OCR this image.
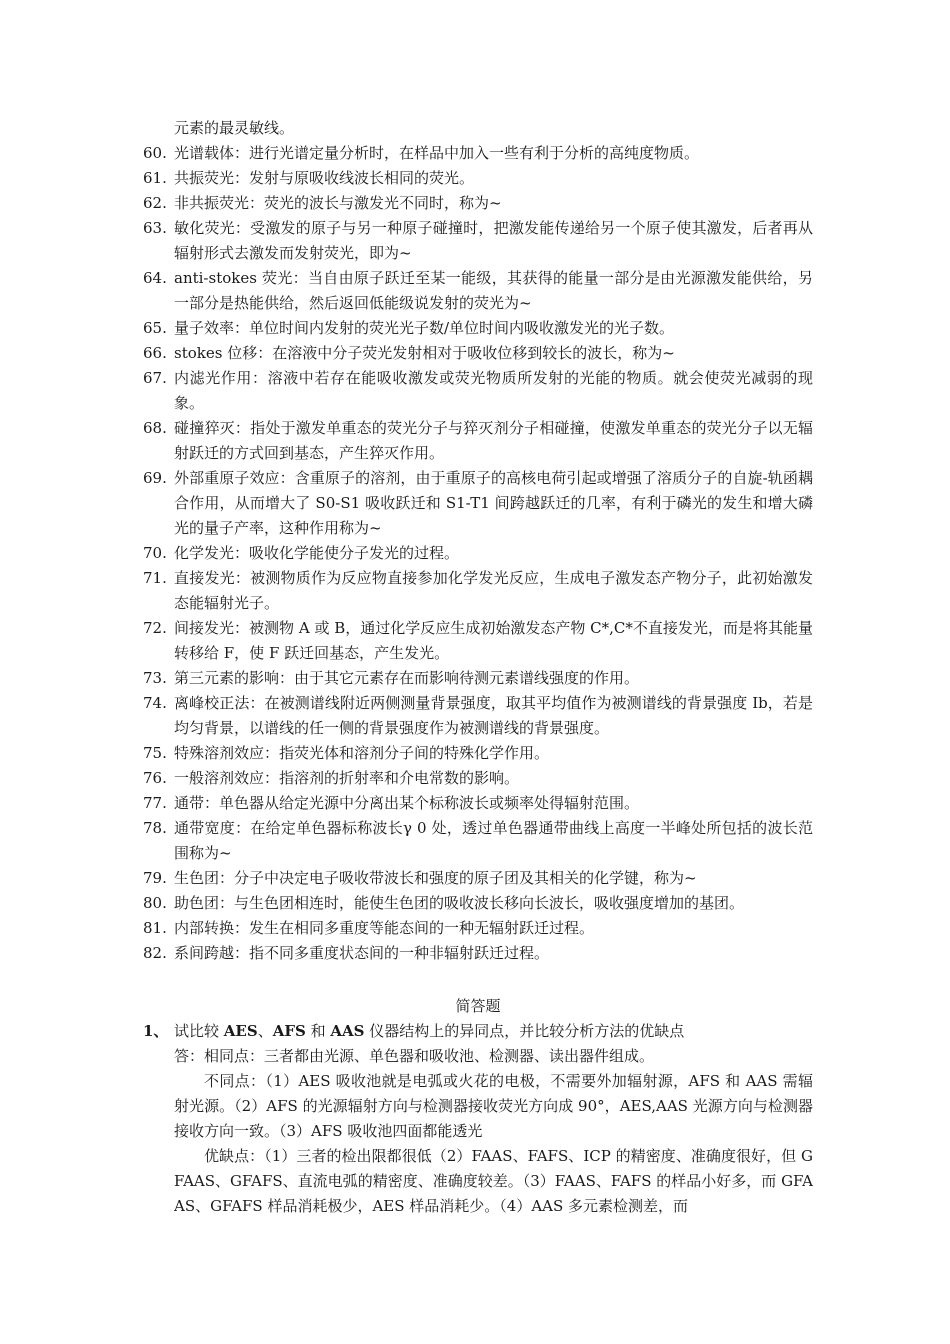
元素的最灵敏线。

60. 光谱载体：进行光谱定量分析时，在样品中加入一些有利于分析的高纯度物质。
61. 共振荧光：发射与原吸收线波长相同的荧光。
62. 非共振荧光：荧光的波长与激发光不同时，称为~
63. 敏化荧光：受激发的原子与另一种原子碰撞时，把激发能传递给另一个原子使其激发，后者再从辐射形式去激发而发射荧光，即为~
64. anti-stokes 荧光：当自由原子跃迁至某一能级，其获得的能量一部分是由光源激发能供给，另一部分是热能供给，然后返回低能级说发射的荧光为~
65. 量子效率：单位时间内发射的荧光光子数/单位时间内吸收激发光的光子数。
66. stokes 位移：在溶液中分子荧光发射相对于吸收位移到较长的波长，称为~
67. 内滤光作用：溶液中若存在能吸收激发或荧光物质所发射的光能的物质。就会使荧光减弱的现象。
68. 碰撞猝灭：指处于激发单重态的荧光分子与猝灭剂分子相碰撞，使激发单重态的荧光分子以无辐射跃迁的方式回到基态，产生猝灭作用。
69. 外部重原子效应：含重原子的溶剂，由于重原子的高核电荷引起或增强了溶质分子的自旋-轨函耦合作用，从而增大了 S0-S1 吸收跃迁和 S1-T1 间跨越跃迁的几率，有利于磷光的发生和增大磷光的量子产率，这种作用称为~
70. 化学发光：吸收化学能使分子发光的过程。
71. 直接发光：被测物质作为反应物直接参加化学发光反应，生成电子激发态产物分子，此初始激发态能辐射光子。
72. 间接发光：被测物 A 或 B，通过化学反应生成初始激发态产物 C*,C*不直接发光，而是将其能量转移给 F，使 F 跃迁回基态，产生发光。
73. 第三元素的影响：由于其它元素存在而影响待测元素谱线强度的作用。
74. 离峰校正法：在被测谱线附近两侧测量背景强度，取其平均值作为被测谱线的背景强度 Ib，若是均匀背景，以谱线的任一侧的背景强度作为被测谱线的背景强度。
75. 特殊溶剂效应：指荧光体和溶剂分子间的特殊化学作用。
76. 一般溶剂效应：指溶剂的折射率和介电常数的影响。
77. 通带：单色器从给定光源中分离出某个标称波长或频率处得辐射范围。
78. 通带宽度：在给定单色器标称波长γ 0 处，透过单色器通带曲线上高度一半峰处所包括的波长范围称为~
79. 生色团：分子中决定电子吸收带波长和强度的原子团及其相关的化学键，称为~
80. 助色团：与生色团相连时，能使生色团的吸收波长移向长波长，吸收强度增加的基团。
81. 内部转换：发生在相同多重度等能态间的一种无辐射跃迁过程。
82. 系间跨越：指不同多重度状态间的一种非辐射跃迁过程。
简答题
1、 试比较 AES、AFS 和 AAS 仪器结构上的异同点，并比较分析方法的优缺点

答：相同点：三者都由光源、单色器和吸收池、检测器、读出器件组成。

不同点：（1）AES 吸收池就是电弧或火花的电极，不需要外加辐射源，AFS 和 AAS 需辐射光源。（2）AFS 的光源辐射方向与检测器接收荧光方向成 90°，AES,AAS 光源方向与检测器接收方向一致。（3）AFS 吸收池四面都能透光

优缺点：（1）三者的检出限都很低（2）FAAS、FAFS、ICP 的精密度、准确度很好，但 GFAAS、GFAFS、直流电弧的精密度、准确度较差。（3）FAAS、FAFS 的样品小好多，而 GFAAS、GFAFS 样品消耗极少，AES 样品消耗少。（4）AAS 多元素检测差，而
